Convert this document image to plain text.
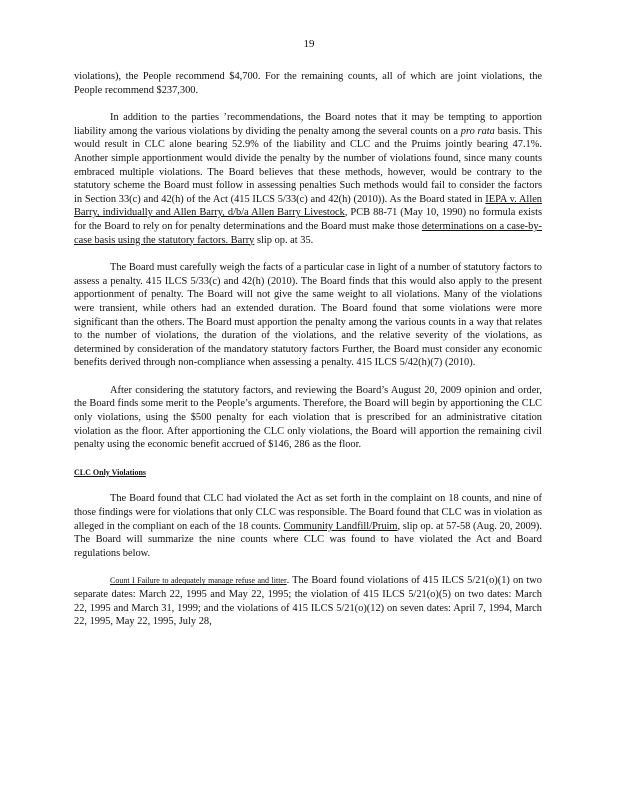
19

violations), the People recommend $4,700. For the remaining counts, all of which are joint violations, the People recommend $237,300.

In addition to the parties ’recommendations, the Board notes that it may be tempting to apportion liability among the various violations by dividing the penalty among the several counts on a pro rata basis. This would result in CLC alone bearing 52.9% of the liability and CLC and the Pruims jointly bearing 47.1%. Another simple apportionment would divide the penalty by the number of violations found, since many counts embraced multiple violations. The Board believes that these methods, however, would be contrary to the statutory scheme the Board must follow in assessing penalties Such methods would fail to consider the factors in Section 33(c) and 42(h) of the Act (415 ILCS 5/33(c) and 42(h) (2010)). As the Board stated in IEPA v. Allen Barry, individually and Allen Barry, d/b/a Allen Barry Livestock, PCB 88-71 (May 10, 1990) no formula exists for the Board to rely on for penalty determinations and the Board must make those determinations on a case-by-case basis using the statutory factors. Barry slip op. at 35.

The Board must carefully weigh the facts of a particular case in light of a number of statutory factors to assess a penalty. 415 ILCS 5/33(c) and 42(h) (2010). The Board finds that this would also apply to the present apportionment of penalty. The Board will not give the same weight to all violations. Many of the violations were transient, while others had an extended duration. The Board found that some violations were more significant than the others. The Board must apportion the penalty among the various counts in a way that relates to the number of violations, the duration of the violations, and the relative severity of the violations, as determined by consideration of the mandatory statutory factors Further, the Board must consider any economic benefits derived through non-compliance when assessing a penalty. 415 ILCS 5/42(h)(7) (2010).

After considering the statutory factors, and reviewing the Board’s August 20, 2009 opinion and order, the Board finds some merit to the People’s arguments. Therefore, the Board will begin by apportioning the CLC only violations, using the $500 penalty for each violation that is prescribed for an administrative citation violation as the floor. After apportioning the CLC only violations, the Board will apportion the remaining civil penalty using the economic benefit accrued of $146, 286 as the floor.

CLC Only Violations

The Board found that CLC had violated the Act as set forth in the complaint on 18 counts, and nine of those findings were for violations that only CLC was responsible. The Board found that CLC was in violation as alleged in the compliant on each of the 18 counts. Community Landfill/Pruim, slip op. at 57-58 (Aug. 20, 2009). The Board will summarize the nine counts where CLC was found to have violated the Act and Board regulations below.

Count I Failure to adequately manage refuse and litter. The Board found violations of 415 ILCS 5/21(o)(1) on two separate dates: March 22, 1995 and May 22, 1995; the violation of 415 ILCS 5/21(o)(5) on two dates: March 22, 1995 and March 31, 1999; and the violations of 415 ILCS 5/21(o)(12) on seven dates: April 7, 1994, March 22, 1995, May 22, 1995, July 28,
